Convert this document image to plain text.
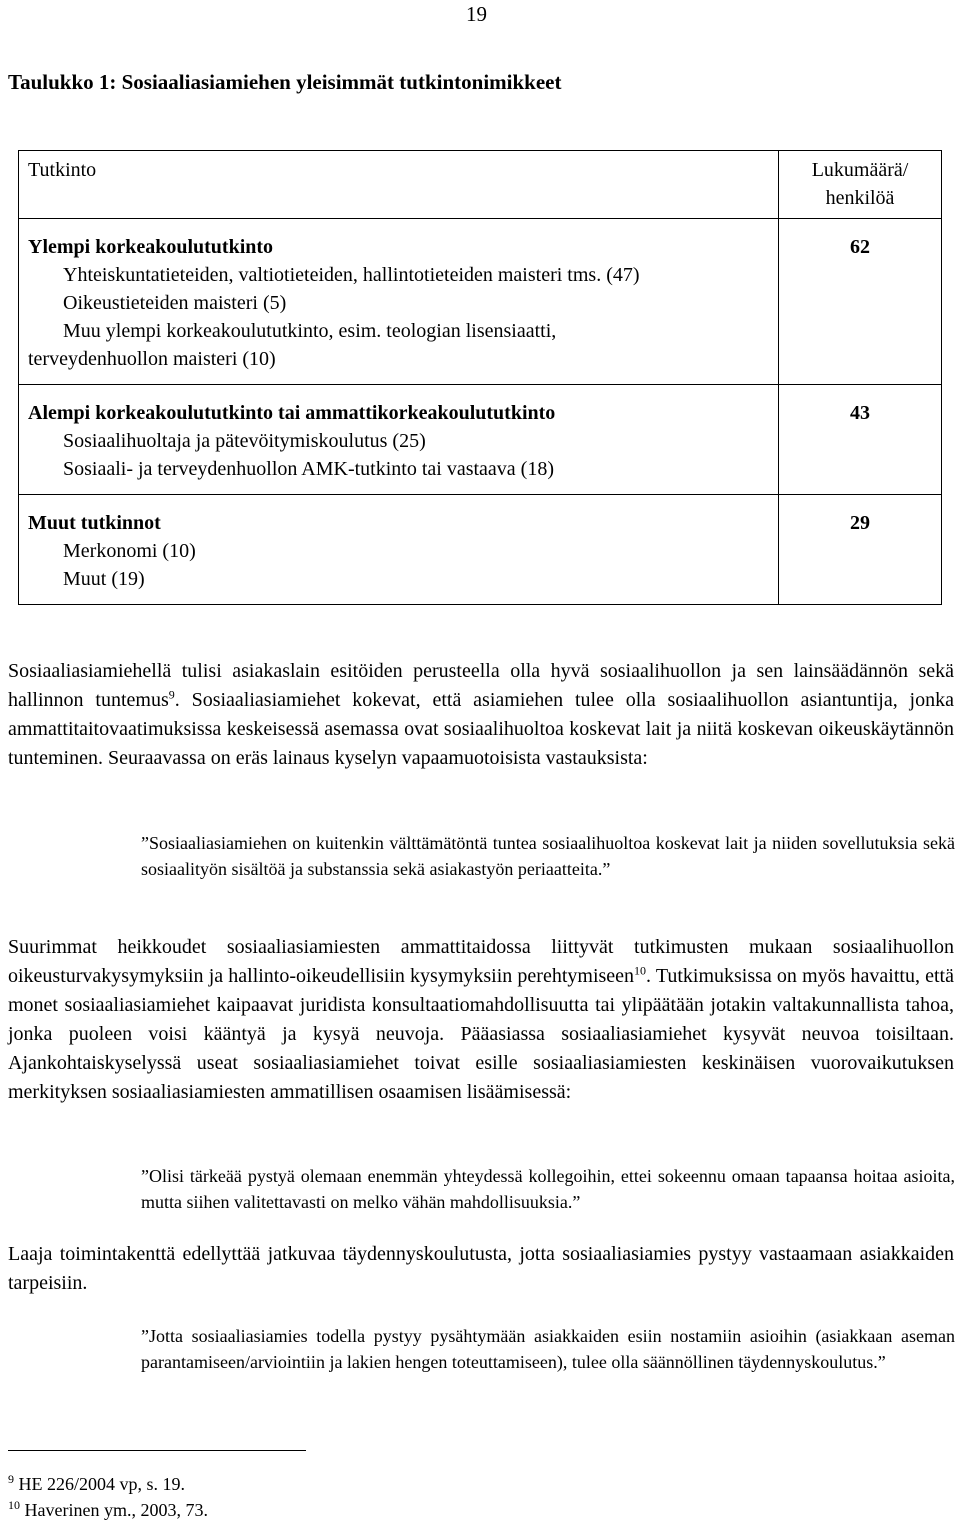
19
Taulukko 1: Sosiaaliasiamiehen yleisimmät tutkintonimikkeet
Tutkinto	Lukumäärä/
henkilöä

Ylempi korkeakoulututkinto
Yhteiskuntatieteiden, valtiotieteiden, hallintotieteiden maisteri tms. (47)
Oikeustieteiden maisteri (5)
Muu ylempi korkeakoulututkinto, esim. teologian lisensiaatti,
terveydenhuollon maisteri (10)	62

Alempi korkeakoulututkinto tai ammattikorkeakoulututkinto
Sosiaalihuoltaja ja pätevöitymiskoulutus (25)
Sosiaali- ja terveydenhuollon AMK-tutkinto tai vastaava (18)	43

Muut tutkinnot
Merkonomi (10)
Muut (19)	29

Sosiaaliasiamiehellä tulisi asiakaslain esitöiden perusteella olla hyvä sosiaalihuollon ja sen lainsäädännön sekä hallinnon tuntemus$^9$. Sosiaaliasiamiehet kokevat, että asiamiehen tulee olla sosiaalihuollon asiantuntija, jonka ammattitaitovaatimuksissa keskeisessä asemassa ovat sosiaalihuoltoa koskevat lait ja niitä koskevan oikeuskäytännön tunteminen. Seuraavassa on eräs lainaus kyselyn vapaamuotoisista vastauksista:

”Sosiaaliasiamiehen on kuitenkin välttämätöntä tuntea sosiaalihuoltoa koskevat lait ja niiden sovellutuksia sekä sosiaalityön sisältöä ja substanssia sekä asiakastyön periaatteita.”

Suurimmat heikkoudet sosiaaliasiamiesten ammattitaidossa liittyvät tutkimusten mukaan sosiaalihuollon oikeusturvakysymyksiin ja hallinto-oikeudellisiin kysymyksiin perehtymiseen$^{10}$. Tutkimuksissa on myös havaittu, että monet sosiaaliasiamiehet kaipaavat juridista konsultaatiomahdollisuutta tai ylipäätään jotakin valtakunnallista tahoa, jonka puoleen voisi kääntyä ja kysyä neuvoja. Pääasiassa sosiaaliasiamiehet kysyvät neuvoa toisiltaan. Ajankohtaiskyselyssä useat sosiaaliasiamiehet toivat esille sosiaaliasiamiesten keskinäisen vuorovaikutuksen merkityksen sosiaaliasiamiesten ammatillisen osaamisen lisäämisessä:

”Olisi tärkeää pystyä olemaan enemmän yhteydessä kollegoihin, ettei sokeennu omaan tapaansa hoitaa asioita, mutta siihen valitettavasti on melko vähän mahdollisuuksia.”

Laaja toimintakenttä edellyttää jatkuvaa täydennyskoulutusta, jotta sosiaaliasiamies pystyy vastaamaan asiakkaiden tarpeisiin.

”Jotta sosiaaliasiamies todella pystyy pysähtymään asiakkaiden esiin nostamiin asioihin (asiakkaan aseman parantamiseen/arviointiin ja lakien hengen toteuttamiseen), tulee olla säännöllinen täydennyskoulutus.”

$^9$ HE 226/2004 vp, s. 19.
$^{10}$ Haverinen ym., 2003, 73.
